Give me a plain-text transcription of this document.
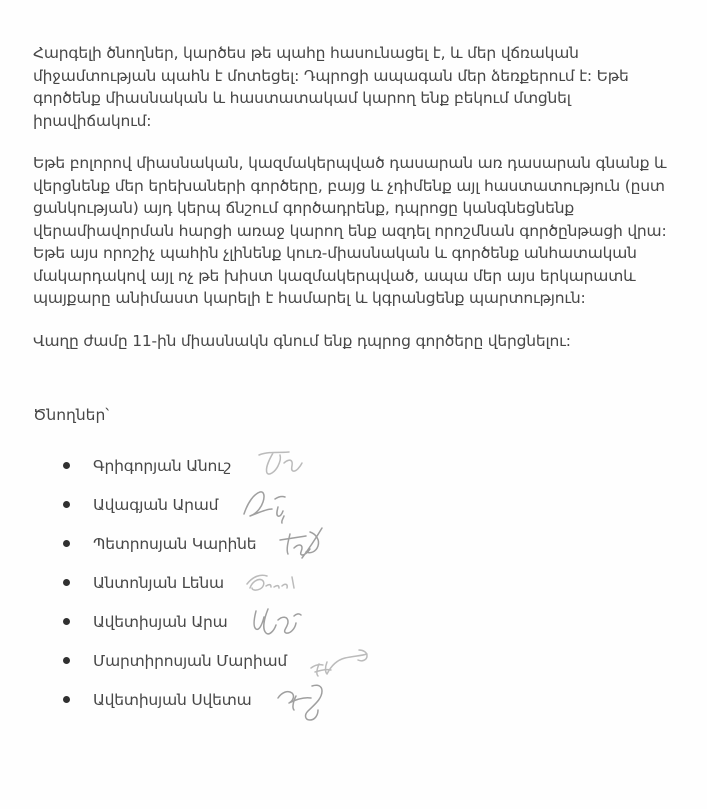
Հարգելի ծնողներ, կարծես թե պահը հասունացել է, և մեր վճռական միջամտության պահն է մոտեցել: Դպրոցի ապագան մեր ձեռքերում է: Եթե գործենք միասնական և հաստատակամ կարող ենք բեկում մտցնել իրավիճակում:

Եթե բոլորով միասնական, կազմակերպված դասարան առ դասարան գնանք և վերցնենք մեր երեխաների գործերը, բայց և չդիմենք այլ հաստատություն (ըստ ցանկության) այդ կերպ ճնշում գործադրենք, դպրոցը կանգնեցնենք վերամիավորման հարցի առաջ կարող ենք ազդել որոշմնան գործընթացի վրա: Եթե այս որոշիչ պահին չլինենք կուռ-միասնական և գործենք անհատական մակարդակով այլ ոչ թե խիստ կազմակերպված, ապա մեր այս երկարատև պայքարը անիմաստ կարելի է համարել և կգրանցենք պարտություն:

Վաղը ժամը 11-ին միասնակն գնում ենք դպրոց գործերը վերցնելու:

Ծնողներ՝

Գրիգորյան Անուշ
Ավագյան Արամ
Պետրոսյան Կարինե
Անտոնյան Լենա
Ավետիսյան Արա
Մարտիրոսյան Մարիամ
Ավետիսյան Սվետա
